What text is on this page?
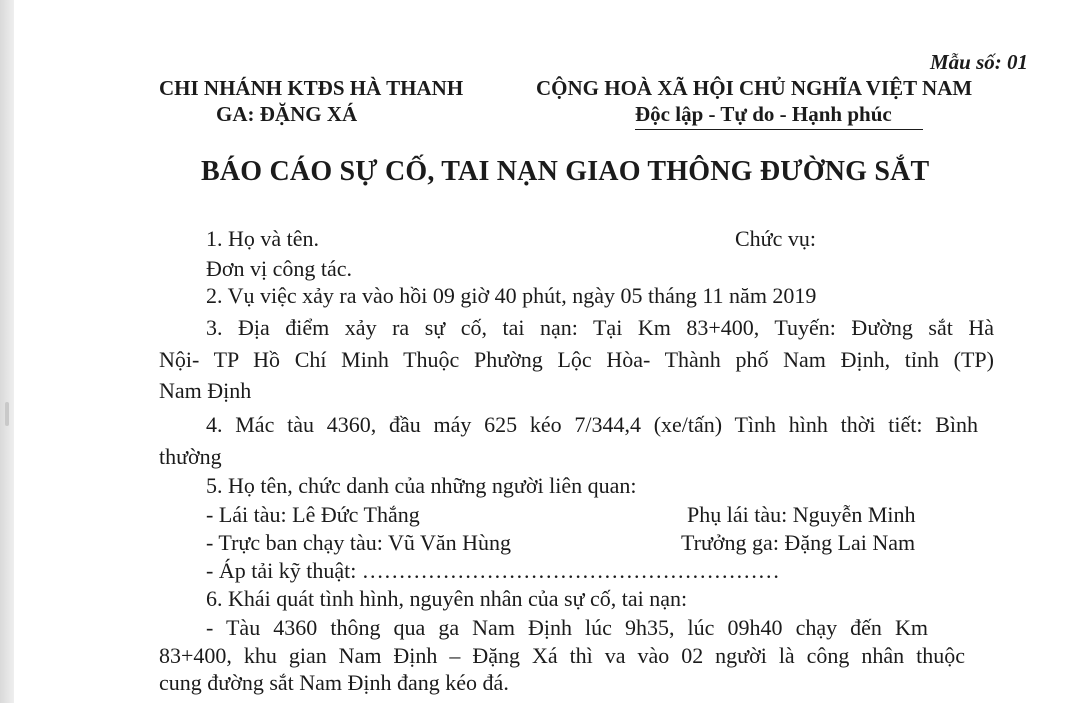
Mẫu số: 01
CHI NHÁNH KTĐS HÀ THANH
GA: ĐẶNG XÁ
CỘNG HOÀ XÃ HỘI CHỦ NGHĨA VIỆT NAM
Độc lập - Tự do - Hạnh phúc
BÁO CÁO SỰ CỐ, TAI NẠN GIAO THÔNG ĐƯỜNG SẮT
1. Họ và tên.	Chức vụ:
Đơn vị công tác.
2. Vụ việc xảy ra vào hồi 09 giờ 40 phút, ngày 05 tháng 11 năm 2019
3. Địa điểm xảy ra sự cố, tai nạn: Tại Km 83+400, Tuyến: Đường sắt Hà
Nội- TP Hồ Chí Minh Thuộc Phường Lộc Hòa- Thành phố Nam Định, tỉnh (TP)
Nam Định
4. Mác tàu 4360, đầu máy 625 kéo 7/344,4 (xe/tấn) Tình hình thời tiết: Bình
thường
5. Họ tên, chức danh của những người liên quan:
- Lái tàu: Lê Đức Thắng	Phụ lái tàu: Nguyễn Minh
- Trực ban chạy tàu: Vũ Văn Hùng	Trưởng ga: Đặng Lai Nam
- Áp tải kỹ thuật: …………………………………………………
6. Khái quát tình hình, nguyên nhân của sự cố, tai nạn:
- Tàu 4360 thông qua ga Nam Định lúc 9h35, lúc 09h40 chạy đến Km
83+400, khu gian Nam Định – Đặng Xá thì va vào 02 người là công nhân thuộc
cung đường sắt Nam Định đang kéo đá.
